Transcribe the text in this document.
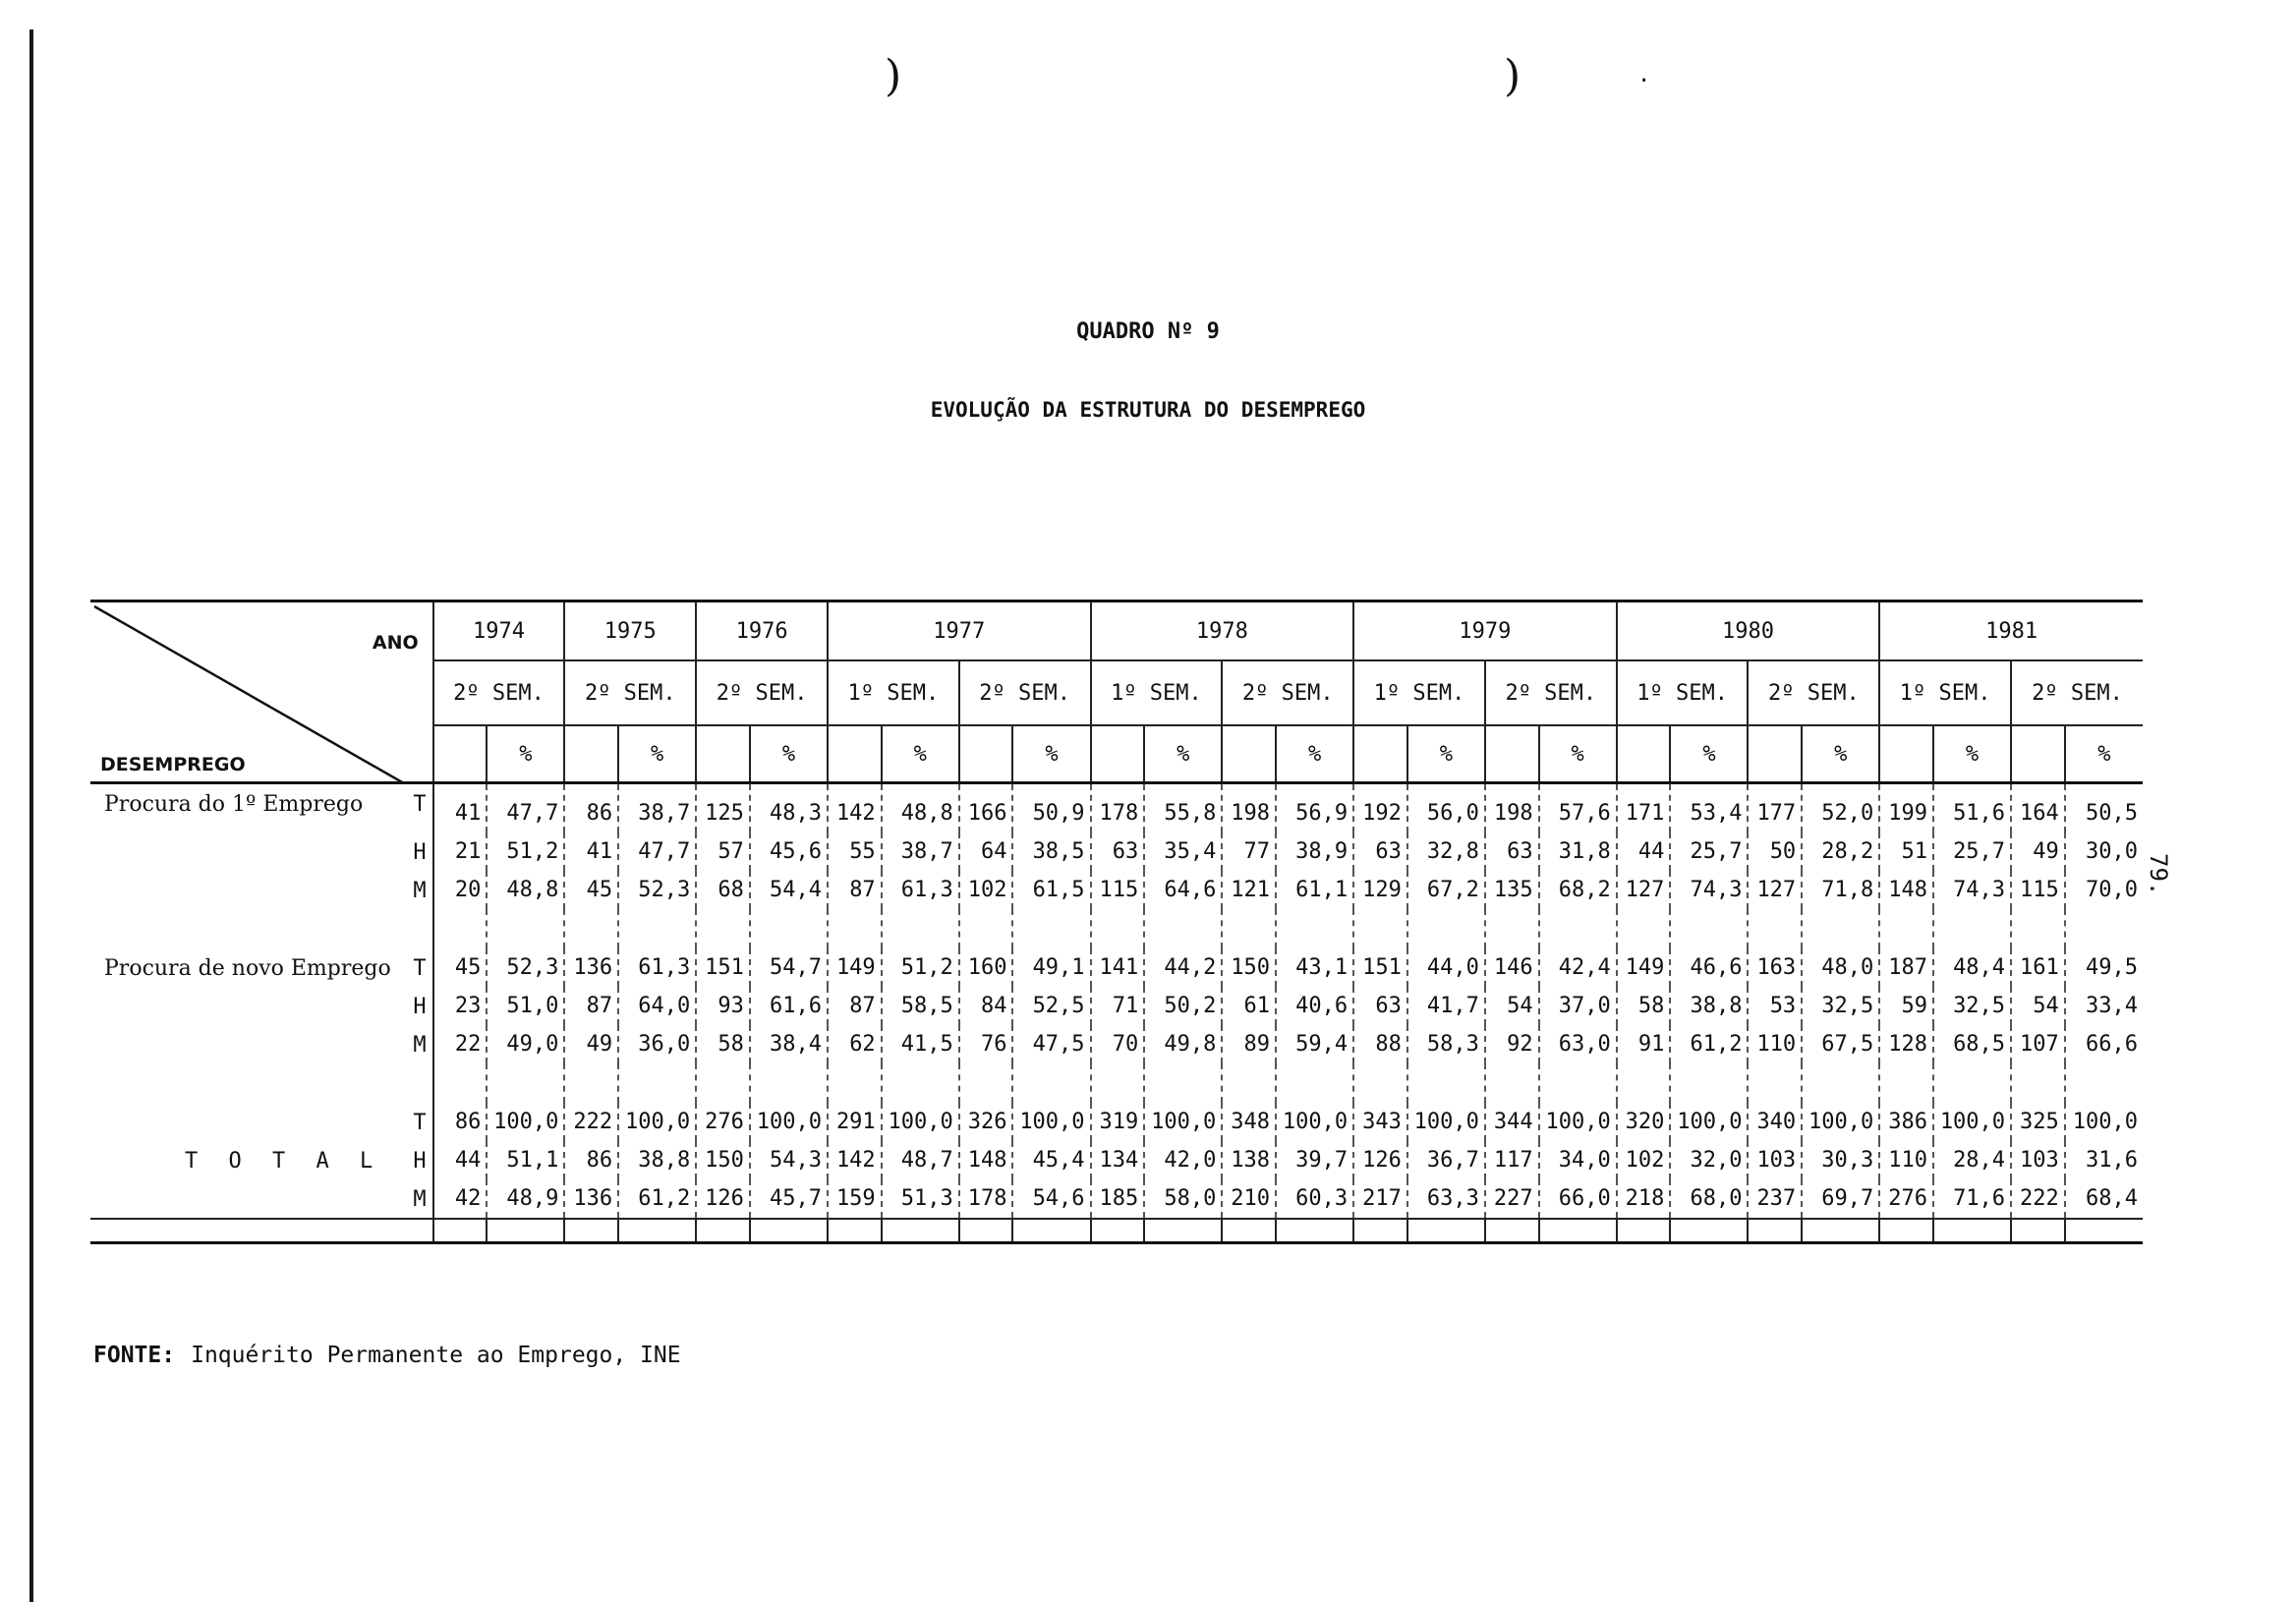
)	)	.
QUADRO Nº 9
EVOLUÇÃO DA ESTRUTURA DO DESEMPREGO
79.
ANO
DESEMPREGO	1974		1975		1976		1977				1978				1979				1980				1981			
	2º SEM.		2º SEM.		2º SEM.		1º SEM.		2º SEM.		1º SEM.		2º SEM.		1º SEM.		2º SEM.		1º SEM.		2º SEM.		1º SEM.		2º SEM.	
		%		%		%		%		%		%		%		%		%		%		%		%		%

Procura do 1º Emprego T	41	47,7	86	38,7	125	48,3	142	48,8	166	50,9	178	55,8	198	56,9	192	56,0	198	57,6	171	53,4	177	52,0	199	51,6	164	50,5

H	21	51,2	41	47,7	57	45,6	55	38,7	64	38,5	63	35,4	77	38,9	63	32,8	63	31,8	44	25,7	50	28,2	51	25,7	49	30,0

M	20	48,8	45	52,3	68	54,4	87	61,3	102	61,5	115	64,6	121	61,1	129	67,2	135	68,2	127	74,3	127	71,8	148	74,3	115	70,0

Procura de novo Emprego T	45	52,3	136	61,3	151	54,7	149	51,2	160	49,1	141	44,2	150	43,1	151	44,0	146	42,4	149	46,6	163	48,0	187	48,4	161	49,5

H	23	51,0	87	64,0	93	61,6	87	58,5	84	52,5	71	50,2	61	40,6	63	41,7	54	37,0	58	38,8	53	32,5	59	32,5	54	33,4

M	22	49,0	49	36,0	58	38,4	62	41,5	76	47,5	70	49,8	89	59,4	88	58,3	92	63,0	91	61,2	110	67,5	128	68,5	107	66,6

T	86	100,0	222	100,0	276	100,0	291	100,0	326	100,0	319	100,0	348	100,0	343	100,0	344	100,0	320	100,0	340	100,0	386	100,0	325	100,0

T O T A L H	44	51,1	86	38,8	150	54,3	142	48,7	148	45,4	134	42,0	138	39,7	126	36,7	117	34,0	102	32,0	103	30,3	110	28,4	103	31,6

M	42	48,9	136	61,2	126	45,7	159	51,3	178	54,6	185	58,0	210	60,3	217	63,3	227	66,0	218	68,0	237	69,7	276	71,6	222	68,4

FONTE: Inquérito Permanente ao Emprego, INE
